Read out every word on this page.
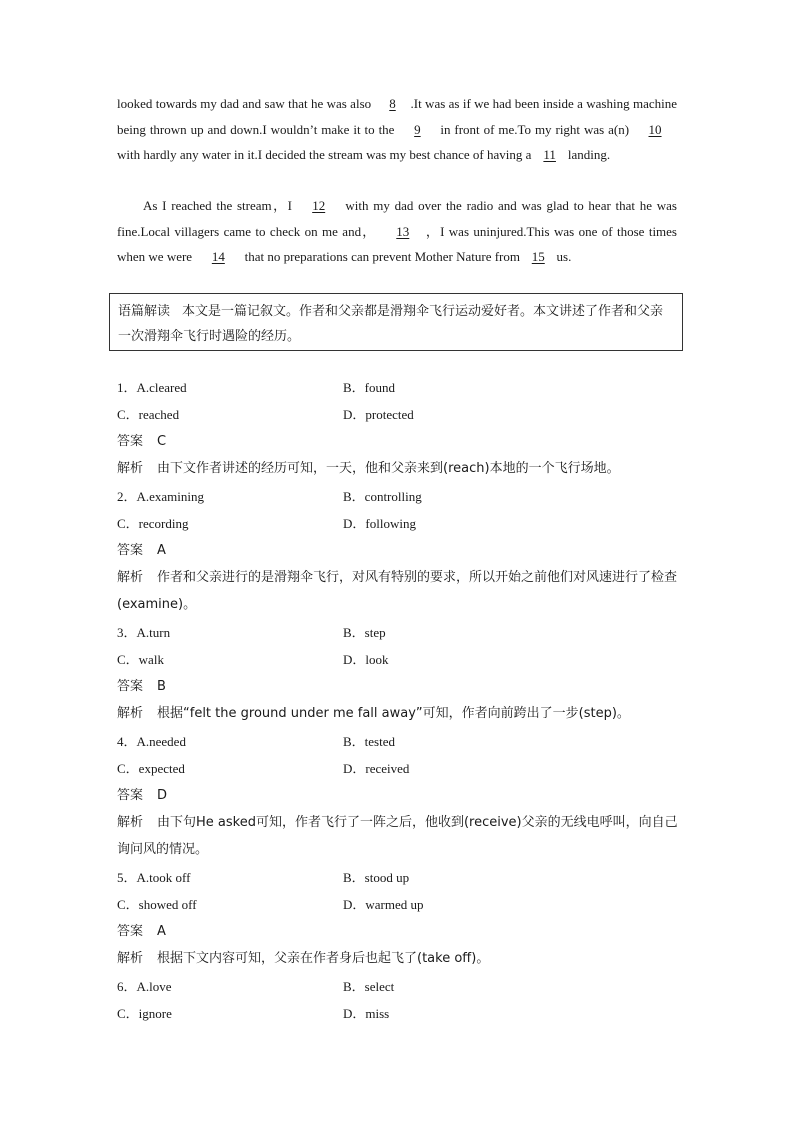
looked towards my dad and saw that he was also 8 .It was as if we had been inside a washing machine being thrown up and down.I wouldn’t make it to the 9 in front of me.To my right was a(n) 10 with hardly any water in it.I decided the stream was my best chance of having a 11 landing.
As I reached the stream，I 12 with my dad over the radio and was glad to hear that he was fine.Local villagers came to check on me and， 13 ，I was uninjured.This was one of those times when we were 14 that no preparations can prevent Mother Nature from 15 us.
语篇解读 本文是一篇记叙文。作者和父亲都是滑翔伞飞行运动爱好者。本文讲述了作者和父亲一次滑翔伞飞行时遇险的经历。
1．A.cleared	B．found
C．reached	D．protected
答案 C
解析 由下文作者讲述的经历可知，一天，他和父亲来到(reach)本地的一个飞行场地。
2．A.examining	B．controlling
C．recording	D．following
答案 A
解析 作者和父亲进行的是滑翔伞飞行，对风有特别的要求，所以开始之前他们对风速进行了检查(examine)。
3．A.turn	B．step
C．walk	D．look
答案 B
解析 根据“felt the ground under me fall away”可知，作者向前跨出了一步(step)。
4．A.needed	B．tested
C．expected	D．received
答案 D
解析 由下句He asked可知，作者飞行了一阵之后，他收到(receive)父亲的无线电呼叫，向自己询问风的情况。
5．A.took off	B．stood up
C．showed off	D．warmed up
答案 A
解析 根据下文内容可知，父亲在作者身后也起飞了(take off)。
6．A.love	B．select
C．ignore	D．miss
